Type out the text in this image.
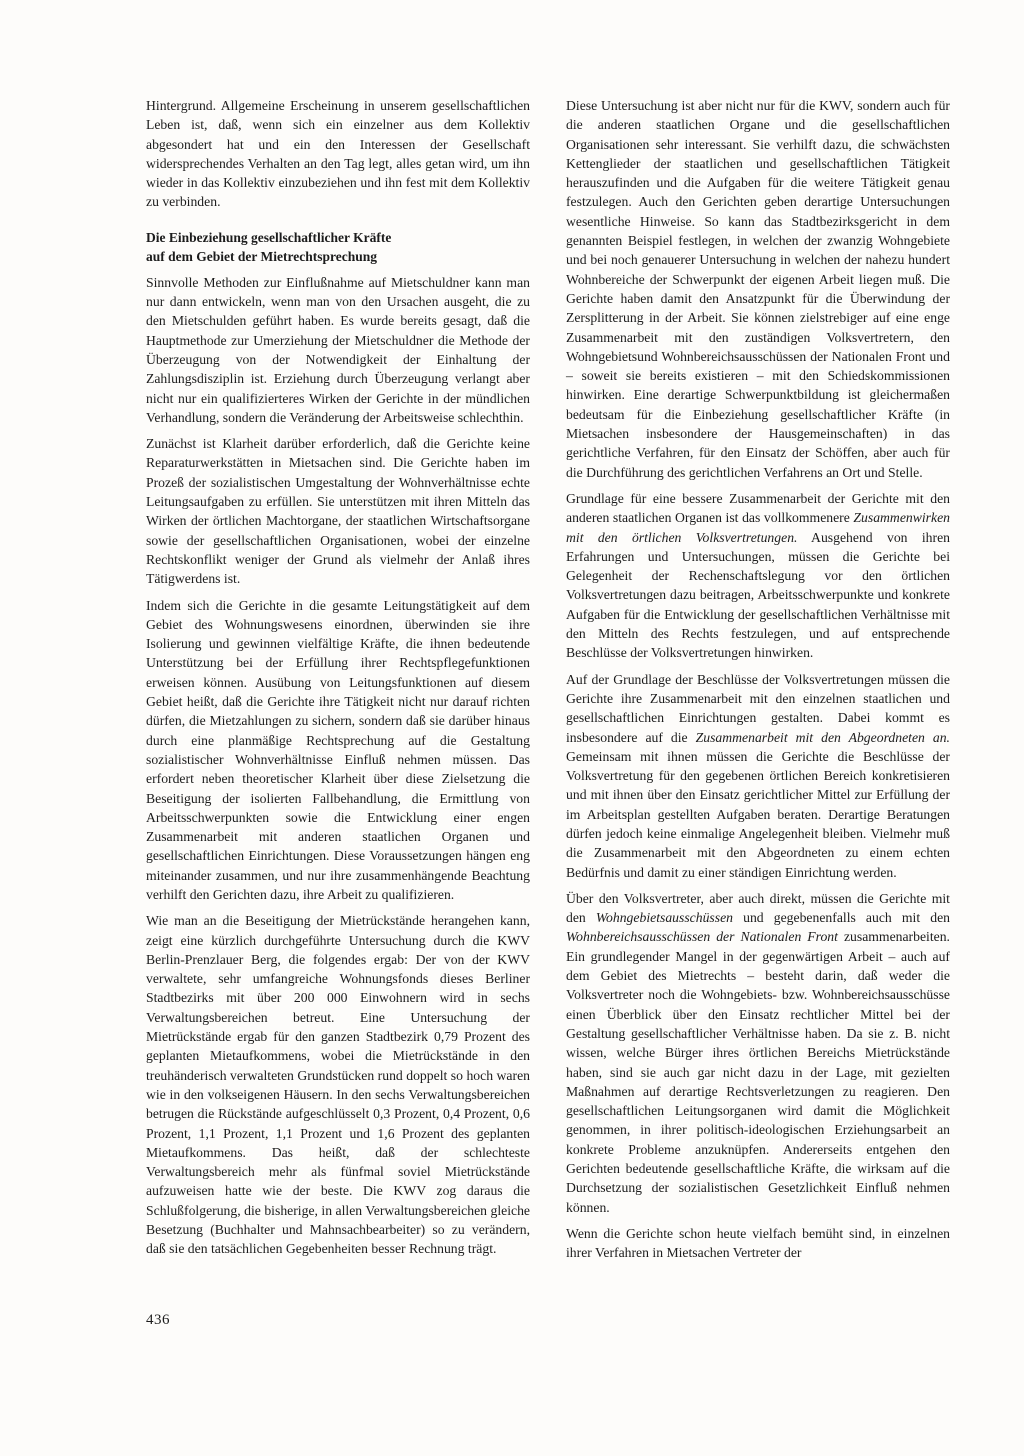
Hintergrund. Allgemeine Erscheinung in unserem gesellschaftlichen Leben ist, daß, wenn sich ein einzelner aus dem Kollektiv abgesondert hat und ein den Interessen der Gesellschaft widersprechendes Verhalten an den Tag legt, alles getan wird, um ihn wieder in das Kollektiv einzubeziehen und ihn fest mit dem Kollektiv zu verbinden.

Die Einbeziehung gesellschaftlicher Kräfte
auf dem Gebiet der Mietrechtsprechung

Sinnvolle Methoden zur Einflußnahme auf Mietschuldner kann man nur dann entwickeln, wenn man von den Ursachen ausgeht, die zu den Mietschulden geführt haben. Es wurde bereits gesagt, daß die Hauptmethode zur Umerziehung der Mietschuldner die Methode der Überzeugung von der Notwendigkeit der Einhaltung der Zahlungsdisziplin ist. Erziehung durch Überzeugung verlangt aber nicht nur ein qualifizierteres Wirken der Gerichte in der mündlichen Verhandlung, sondern die Veränderung der Arbeitsweise schlechthin.

Zunächst ist Klarheit darüber erforderlich, daß die Gerichte keine Reparaturwerkstätten in Mietsachen sind. Die Gerichte haben im Prozeß der sozialistischen Umgestaltung der Wohnverhältnisse echte Leitungsaufgaben zu erfüllen. Sie unterstützen mit ihren Mitteln das Wirken der örtlichen Machtorgane, der staatlichen Wirtschaftsorgane sowie der gesellschaftlichen Organisationen, wobei der einzelne Rechtskonflikt weniger der Grund als vielmehr der Anlaß ihres Tätigwerdens ist.

Indem sich die Gerichte in die gesamte Leitungstätigkeit auf dem Gebiet des Wohnungswesens einordnen, überwinden sie ihre Isolierung und gewinnen vielfältige Kräfte, die ihnen bedeutende Unterstützung bei der Erfüllung ihrer Rechtspflegefunktionen erweisen können. Ausübung von Leitungsfunktionen auf diesem Gebiet heißt, daß die Gerichte ihre Tätigkeit nicht nur darauf richten dürfen, die Mietzahlungen zu sichern, sondern daß sie darüber hinaus durch eine planmäßige Rechtsprechung auf die Gestaltung sozialistischer Wohnverhältnisse Einfluß nehmen müssen. Das erfordert neben theoretischer Klarheit über diese Zielsetzung die Beseitigung der isolierten Fallbehandlung, die Ermittlung von Arbeitsschwerpunkten sowie die Entwicklung einer engen Zusammenarbeit mit anderen staatlichen Organen und gesellschaftlichen Einrichtungen. Diese Voraussetzungen hängen eng miteinander zusammen, und nur ihre zusammenhängende Beachtung verhilft den Gerichten dazu, ihre Arbeit zu qualifizieren.

Wie man an die Beseitigung der Mietrückstände herangehen kann, zeigt eine kürzlich durchgeführte Untersuchung durch die KWV Berlin-Prenzlauer Berg, die folgendes ergab: Der von der KWV verwaltete, sehr umfangreiche Wohnungsfonds dieses Berliner Stadtbezirks mit über 200 000 Einwohnern wird in sechs Verwaltungsbereichen betreut. Eine Untersuchung der Mietrückstände ergab für den ganzen Stadtbezirk 0,79 Prozent des geplanten Mietaufkommens, wobei die Mietrückstände in den treuhänderisch verwalteten Grundstücken rund doppelt so hoch waren wie in den volkseigenen Häusern. In den sechs Verwaltungsbereichen betrugen die Rückstände aufgeschlüsselt 0,3 Prozent, 0,4 Prozent, 0,6 Prozent, 1,1 Prozent, 1,1 Prozent und 1,6 Prozent des geplanten Mietaufkommens. Das heißt, daß der schlechteste Verwaltungsbereich mehr als fünfmal soviel Mietrückstände aufzuweisen hatte wie der beste. Die KWV zog daraus die Schlußfolgerung, die bisherige, in allen Verwaltungsbereichen gleiche Besetzung (Buchhalter und Mahnsachbearbeiter) so zu verändern, daß sie den tatsächlichen Gegebenheiten besser Rechnung trägt.

Diese Untersuchung ist aber nicht nur für die KWV, sondern auch für die anderen staatlichen Organe und die gesellschaftlichen Organisationen sehr interessant. Sie verhilft dazu, die schwächsten Kettenglieder der staatlichen und gesellschaftlichen Tätigkeit herauszufinden und die Aufgaben für die weitere Tätigkeit genau festzulegen. Auch den Gerichten geben derartige Untersuchungen wesentliche Hinweise. So kann das Stadtbezirksgericht in dem genannten Beispiel festlegen, in welchen der zwanzig Wohngebiete und bei noch genauerer Untersuchung in welchen der nahezu hundert Wohnbereiche der Schwerpunkt der eigenen Arbeit liegen muß. Die Gerichte haben damit den Ansatzpunkt für die Überwindung der Zersplitterung in der Arbeit. Sie können zielstrebiger auf eine enge Zusammenarbeit mit den zuständigen Volksvertretern, den Wohngebietsund Wohnbereichsausschüssen der Nationalen Front und – soweit sie bereits existieren – mit den Schiedskommissionen hinwirken. Eine derartige Schwerpunktbildung ist gleichermaßen bedeutsam für die Einbeziehung gesellschaftlicher Kräfte (in Mietsachen insbesondere der Hausgemeinschaften) in das gerichtliche Verfahren, für den Einsatz der Schöffen, aber auch für die Durchführung des gerichtlichen Verfahrens an Ort und Stelle.

Grundlage für eine bessere Zusammenarbeit der Gerichte mit den anderen staatlichen Organen ist das vollkommenere Zusammenwirken mit den örtlichen Volksvertretungen. Ausgehend von ihren Erfahrungen und Untersuchungen, müssen die Gerichte bei Gelegenheit der Rechenschaftslegung vor den örtlichen Volksvertretungen dazu beitragen, Arbeitsschwerpunkte und konkrete Aufgaben für die Entwicklung der gesellschaftlichen Verhältnisse mit den Mitteln des Rechts festzulegen, und auf entsprechende Beschlüsse der Volksvertretungen hinwirken.

Auf der Grundlage der Beschlüsse der Volksvertretungen müssen die Gerichte ihre Zusammenarbeit mit den einzelnen staatlichen und gesellschaftlichen Einrichtungen gestalten. Dabei kommt es insbesondere auf die Zusammenarbeit mit den Abgeordneten an. Gemeinsam mit ihnen müssen die Gerichte die Beschlüsse der Volksvertretung für den gegebenen örtlichen Bereich konkretisieren und mit ihnen über den Einsatz gerichtlicher Mittel zur Erfüllung der im Arbeitsplan gestellten Aufgaben beraten. Derartige Beratungen dürfen jedoch keine einmalige Angelegenheit bleiben. Vielmehr muß die Zusammenarbeit mit den Abgeordneten zu einem echten Bedürfnis und damit zu einer ständigen Einrichtung werden.

Über den Volksvertreter, aber auch direkt, müssen die Gerichte mit den Wohngebietsausschüssen und gegebenenfalls auch mit den Wohnbereichsausschüssen der Nationalen Front zusammenarbeiten. Ein grundlegender Mangel in der gegenwärtigen Arbeit – auch auf dem Gebiet des Mietrechts – besteht darin, daß weder die Volksvertreter noch die Wohngebiets- bzw. Wohnbereichsausschüsse einen Überblick über den Einsatz rechtlicher Mittel bei der Gestaltung gesellschaftlicher Verhältnisse haben. Da sie z. B. nicht wissen, welche Bürger ihres örtlichen Bereichs Mietrückstände haben, sind sie auch gar nicht dazu in der Lage, mit gezielten Maßnahmen auf derartige Rechtsverletzungen zu reagieren. Den gesellschaftlichen Leitungsorganen wird damit die Möglichkeit genommen, in ihrer politisch-ideologischen Erziehungsarbeit an konkrete Probleme anzuknüpfen. Andererseits entgehen den Gerichten bedeutende gesellschaftliche Kräfte, die wirksam auf die Durchsetzung der sozialistischen Gesetzlichkeit Einfluß nehmen können.

Wenn die Gerichte schon heute vielfach bemüht sind, in einzelnen ihrer Verfahren in Mietsachen Vertreter der

436
